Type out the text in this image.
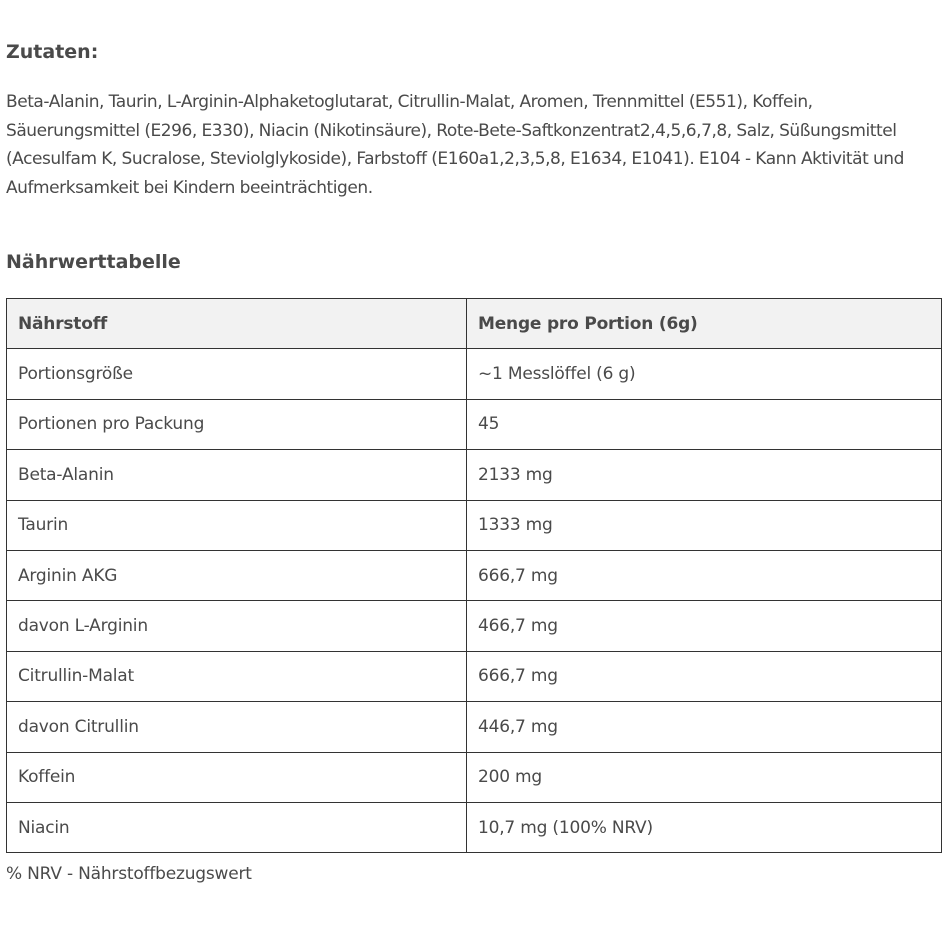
Zutaten:

Beta-Alanin, Taurin, L-Arginin-Alphaketoglutarat, Citrullin-Malat, Aromen, Trennmittel (E551), Koffein, Säuerungsmittel (E296, E330), Niacin (Nikotinsäure), Rote-Bete-Saftkonzentrat2,4,5,6,7,8, Salz, Süßungsmittel (Acesulfam K, Sucralose, Steviolglykoside), Farbstoff (E160a1,2,3,5,8, E1634, E1041). E104 - Kann Aktivität und Aufmerksamkeit bei Kindern beeinträchtigen.

Nährwerttabelle
Nährstoff	Menge pro Portion (6g)
Portionsgröße	~1 Messlöffel (6 g)
Portionen pro Packung	45
Beta-Alanin	2133 mg
Taurin	1333 mg
Arginin AKG	666,7 mg
davon L-Arginin	466,7 mg
Citrullin-Malat	666,7 mg
davon Citrullin	446,7 mg
Koffein	200 mg
Niacin	10,7 mg (100% NRV)

% NRV - Nährstoffbezugswert
